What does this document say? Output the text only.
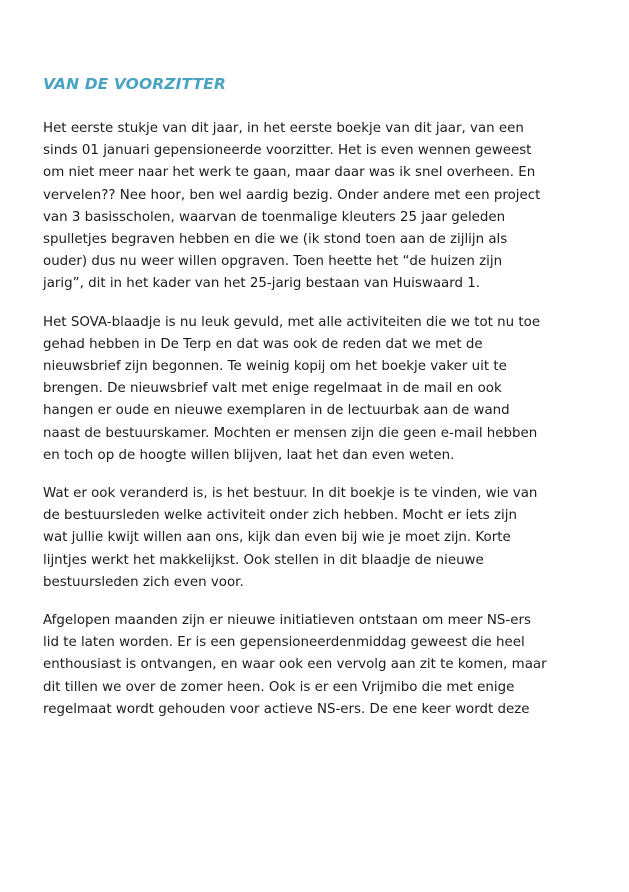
VAN DE VOORZITTER

Het eerste stukje van dit jaar, in het eerste boekje van dit jaar, van een
sinds 01 januari gepensioneerde voorzitter. Het is even wennen geweest
om niet meer naar het werk te gaan, maar daar was ik snel overheen. En
vervelen?? Nee hoor, ben wel aardig bezig. Onder andere met een project
van 3 basisscholen, waarvan de toenmalige kleuters 25 jaar geleden
spulletjes begraven hebben en die we (ik stond toen aan de zijlijn als
ouder) dus nu weer willen opgraven. Toen heette het “de huizen zijn
jarig”, dit in het kader van het 25-jarig bestaan van Huiswaard 1.

Het SOVA-blaadje is nu leuk gevuld, met alle activiteiten die we tot nu toe
gehad hebben in De Terp en dat was ook de reden dat we met de
nieuwsbrief zijn begonnen. Te weinig kopij om het boekje vaker uit te
brengen. De nieuwsbrief valt met enige regelmaat in de mail en ook
hangen er oude en nieuwe exemplaren in de lectuurbak aan de wand
naast de bestuurskamer. Mochten er mensen zijn die geen e-mail hebben
en toch op de hoogte willen blijven, laat het dan even weten.

Wat er ook veranderd is, is het bestuur. In dit boekje is te vinden, wie van
de bestuursleden welke activiteit onder zich hebben. Mocht er iets zijn
wat jullie kwijt willen aan ons, kijk dan even bij wie je moet zijn. Korte
lijntjes werkt het makkelijkst. Ook stellen in dit blaadje de nieuwe
bestuursleden zich even voor.

Afgelopen maanden zijn er nieuwe initiatieven ontstaan om meer NS-ers
lid te laten worden. Er is een gepensioneerdenmiddag geweest die heel
enthousiast is ontvangen, en waar ook een vervolg aan zit te komen, maar
dit tillen we over de zomer heen. Ook is er een Vrijmibo die met enige
regelmaat wordt gehouden voor actieve NS-ers. De ene keer wordt deze
